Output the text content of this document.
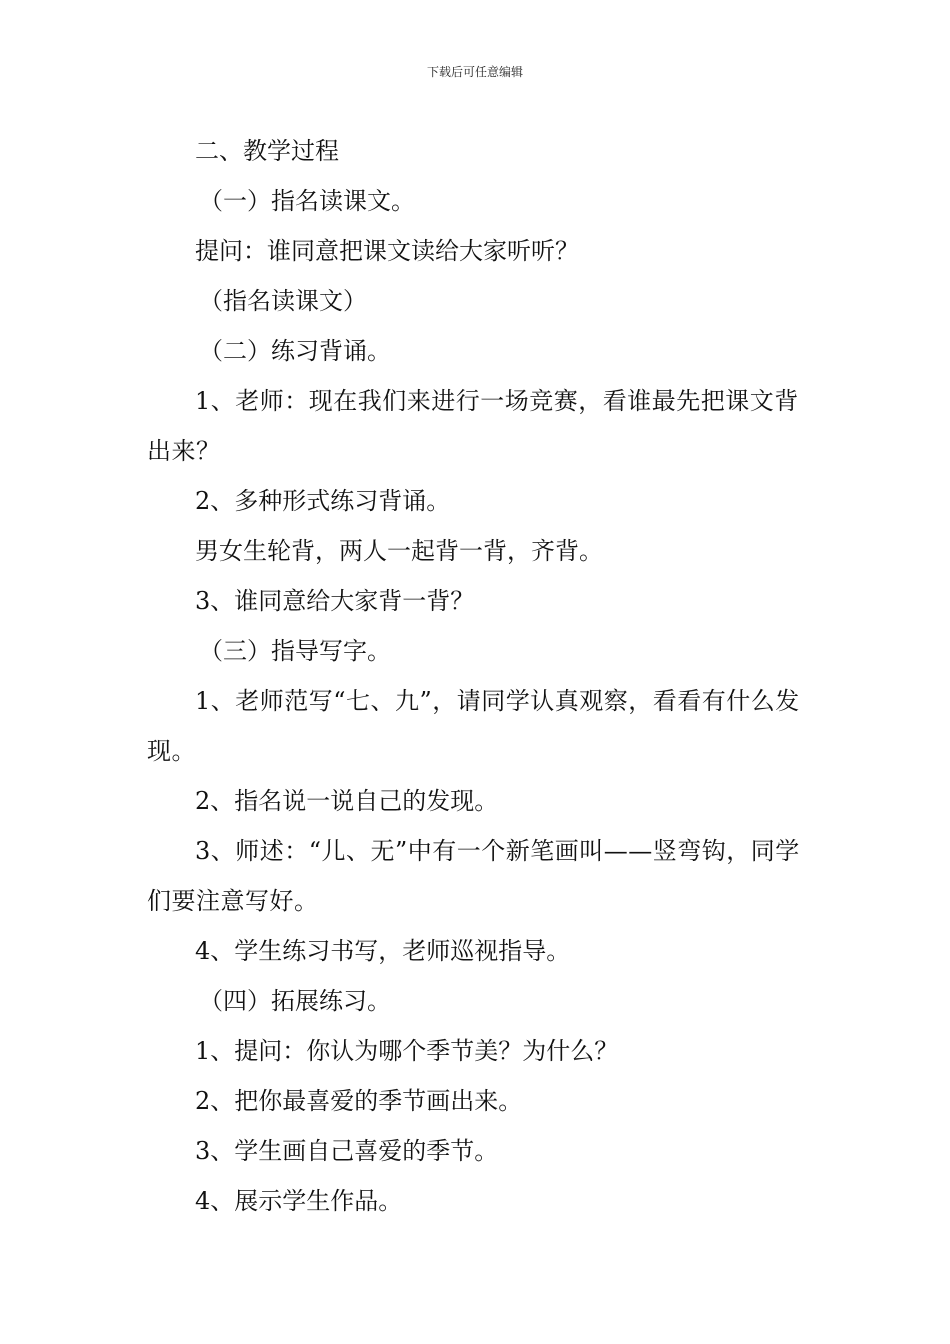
下载后可任意编辑

二、教学过程

（一）指名读课文。

提问：谁同意把课文读给大家听听？

（指名读课文）

（二）练习背诵。

1、老师：现在我们来进行一场竞赛，看谁最先把课文背出来？

2、多种形式练习背诵。

男女生轮背，两人一起背一背，齐背。

3、谁同意给大家背一背？

（三）指导写字。

1、老师范写“七、九”，请同学认真观察，看看有什么发现。

2、指名说一说自己的发现。

3、师述：“儿、无”中有一个新笔画叫——竖弯钩，同学们要注意写好。

4、学生练习书写，老师巡视指导。

（四）拓展练习。

1、提问：你认为哪个季节美？为什么？

2、把你最喜爱的季节画出来。

3、学生画自己喜爱的季节。

4、展示学生作品。
